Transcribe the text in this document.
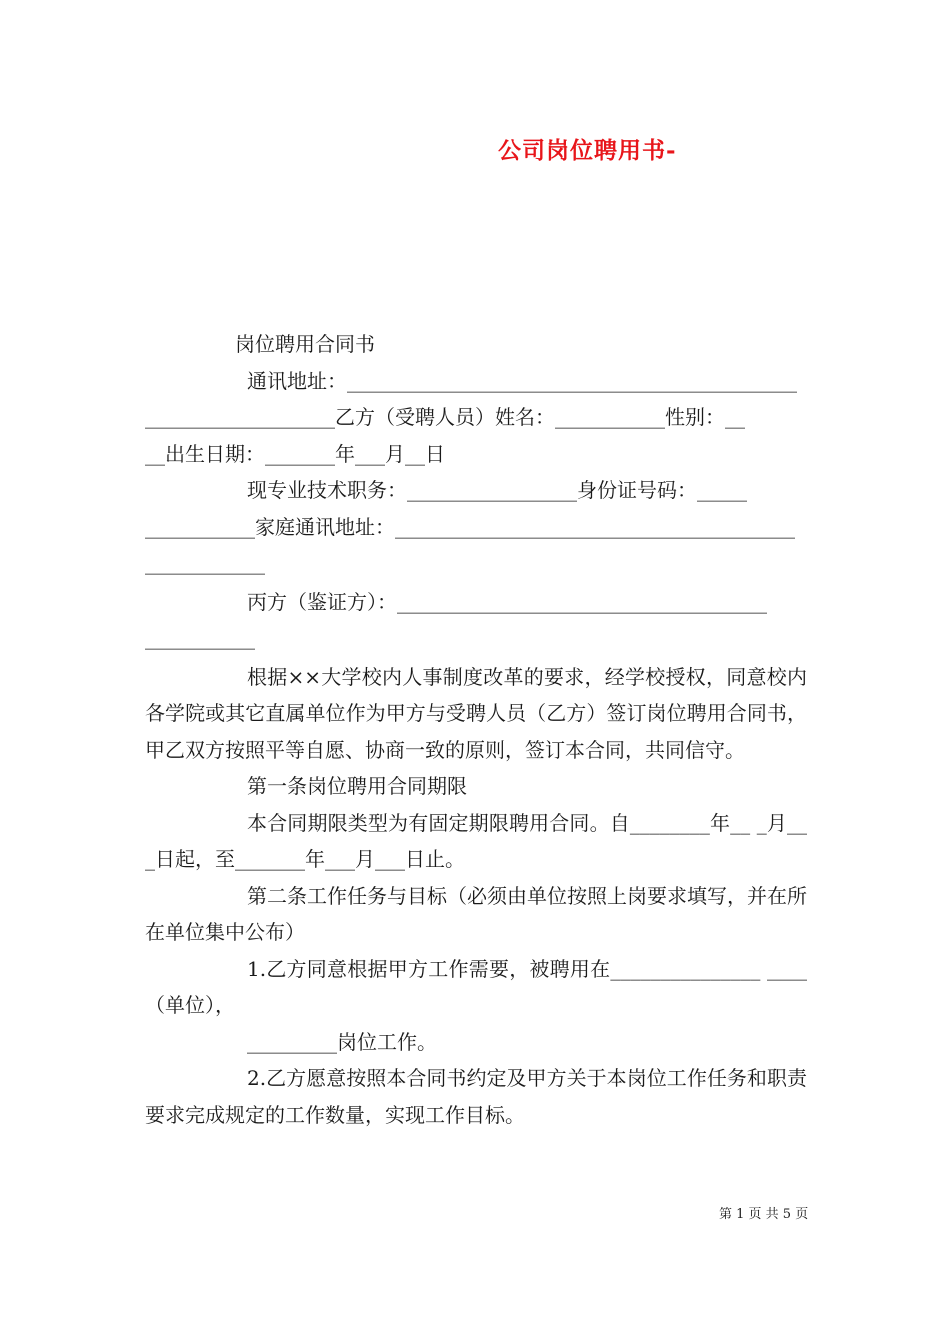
公司岗位聘用书-
岗位聘用合同书
通讯地址：_____________________________________________
___________________乙方（受聘人员）姓名：___________性别：__
__出生日期：_______年___月__日
现专业技术职务：_________________身份证号码：_____
___________家庭通讯地址：________________________________________
____________
丙方（鉴证方）：_____________________________________
___________
根据××大学校内人事制度改革的要求，经学校授权，同意校内各学院或其它直属单位作为甲方与受聘人员（乙方）签订岗位聘用合同书，甲乙双方按照平等自愿、协商一致的原则，签订本合同，共同信守。
第一条岗位聘用合同期限
本合同期限类型为有固定期限聘用合同。自________年__ _月___日起，至_______年___月___日止。
第二条工作任务与目标（必须由单位按照上岗要求填写，并在所在单位集中公布）
1.乙方同意根据甲方工作需要，被聘用在_______________ ____（单位），
_________岗位工作。
2.乙方愿意按照本合同书约定及甲方关于本岗位工作任务和职责要求完成规定的工作数量，实现工作目标。
第 1 页 共 5 页
